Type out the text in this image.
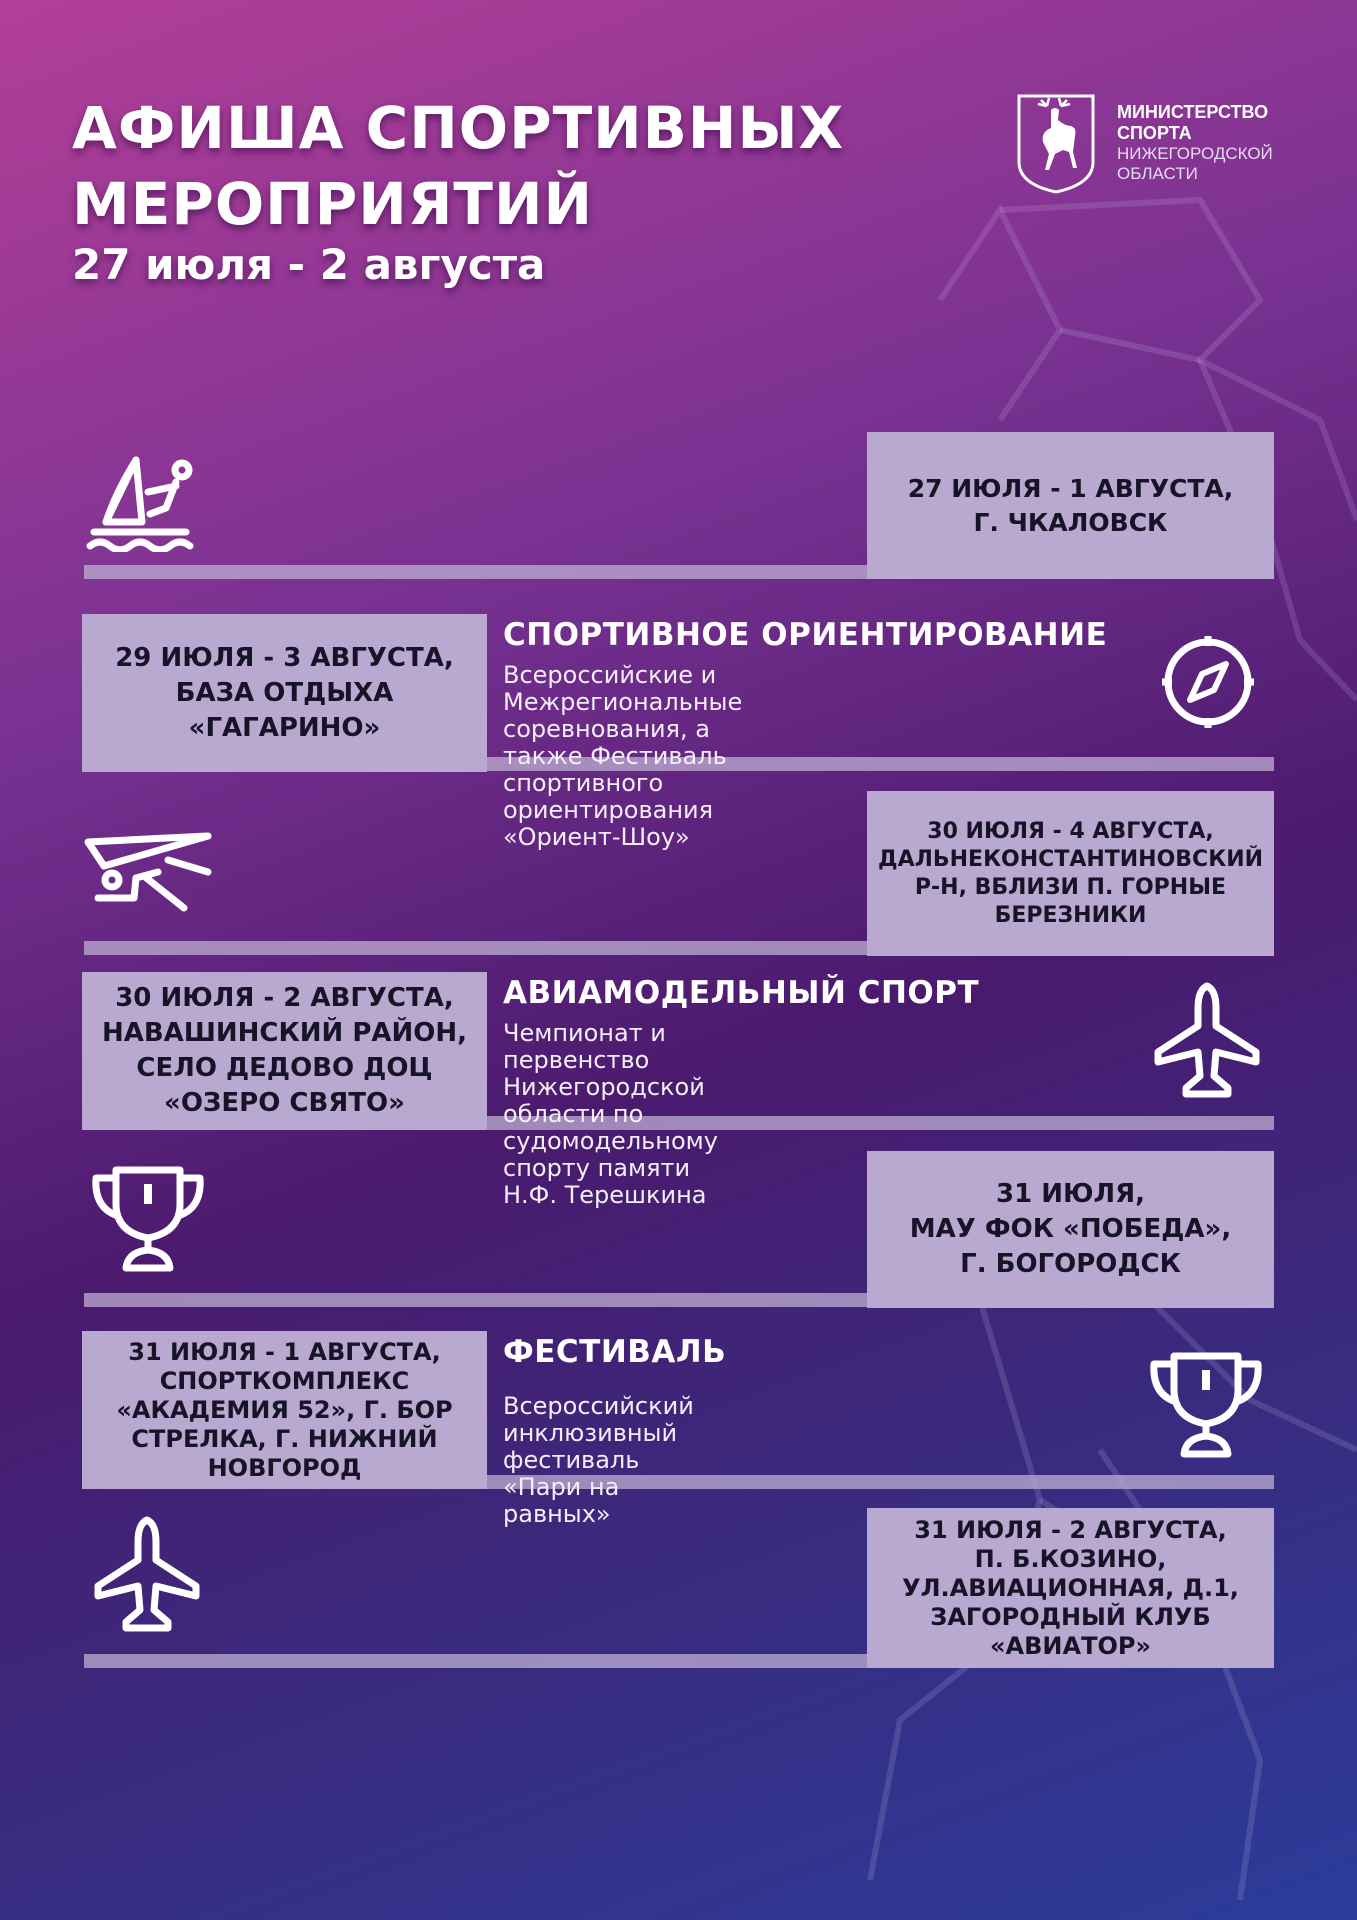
АФИША СПОРТИВНЫХ
МЕРОПРИЯТИЙ
27 июля - 2 августа
МИНИСТЕРСТВО
СПОРТА
НИЖЕГОРОДСКОЙ
ОБЛАСТИ
27 ИЮЛЯ - 1 АВГУСТА,
Г. ЧКАЛОВСК
29 ИЮЛЯ - 3 АВГУСТА,
БАЗА ОТДЫХА
«ГАГАРИНО»
СПОРТИВНОЕ ОРИЕНТИРОВАНИЕ
Всероссийские и Межрегиональные
соревнования, а также Фестиваль спортивного
ориентирования «Ориент-Шоу»	30 ИЮЛЯ - 4 АВГУСТА,
ДАЛЬНЕКОНСТАНТИНОВСКИЙ
Р-Н, ВБЛИЗИ П. ГОРНЫЕ
БЕРЕЗНИКИ
30 ИЮЛЯ - 2 АВГУСТА,
НАВАШИНСКИЙ РАЙОН,
СЕЛО ДЕДОВО ДОЦ
«ОЗЕРО СВЯТО»
АВИАМОДЕЛЬНЫЙ СПОРТ
Чемпионат и первенство Нижегородской
области по судомодельному спорту памяти
Н.Ф. Терешкина	31 ИЮЛЯ,
МАУ ФОК «ПОБЕДА»,
Г. БОГОРОДСК
31 ИЮЛЯ - 1 АВГУСТА,
СПОРТКОМПЛЕКС
«АКАДЕМИЯ 52», Г. БОР
СТРЕЛКА, Г. НИЖНИЙ
НОВГОРОД
ФЕСТИВАЛЬ
Всероссийский инклюзивный фестиваль
«Пари на равных»
31 ИЮЛЯ - 2 АВГУСТА,
П. Б.КОЗИНО,
УЛ.АВИАЦИОННАЯ, Д.1,
ЗАГОРОДНЫЙ КЛУБ
«АВИАТОР»
